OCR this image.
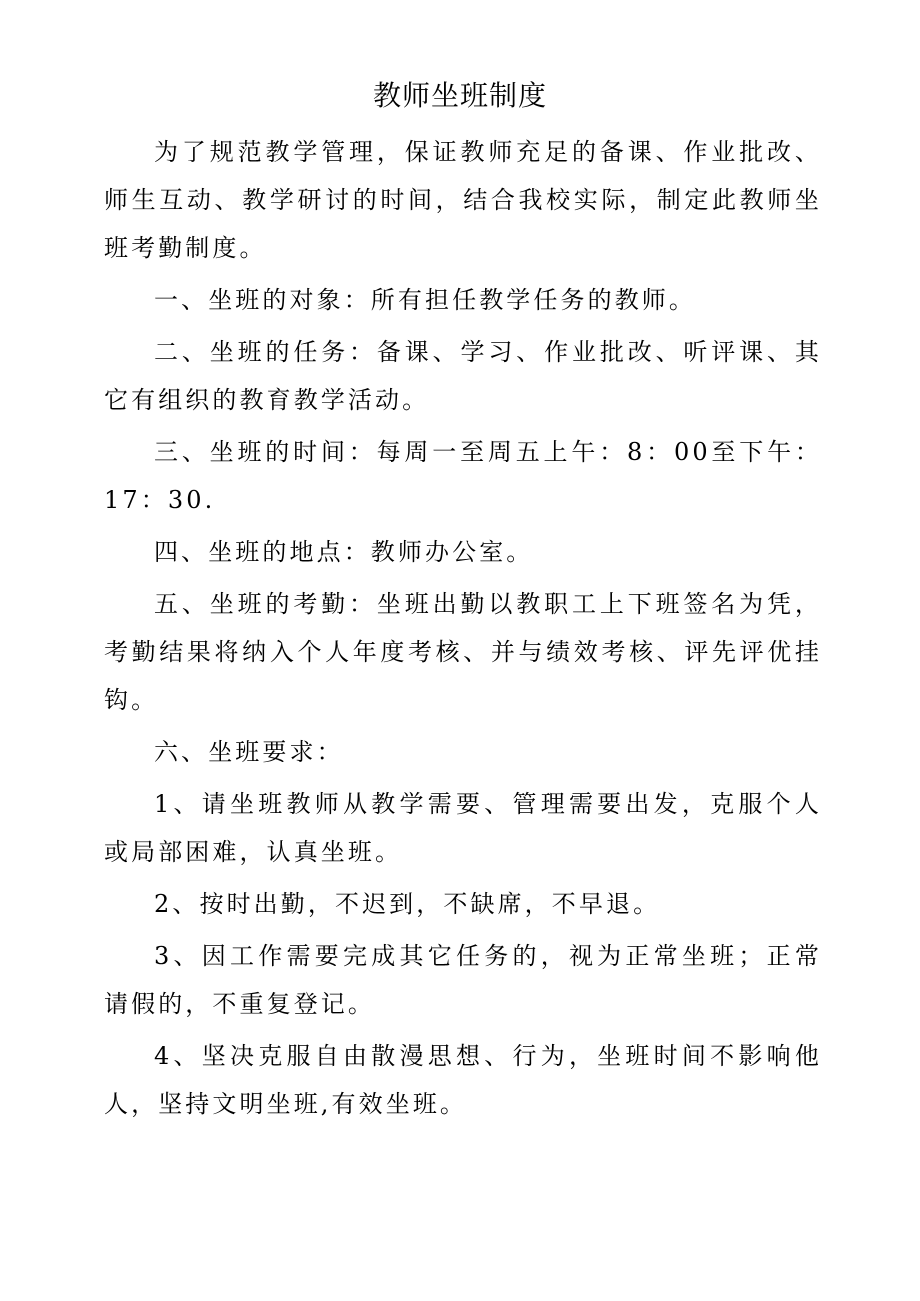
教师坐班制度

为了规范教学管理，保证教师充足的备课、作业批改、师生互动、教学研讨的时间，结合我校实际，制定此教师坐班考勤制度。

一、坐班的对象：所有担任教学任务的教师。

二、坐班的任务：备课、学习、作业批改、听评课、其它有组织的教育教学活动。

三、坐班的时间：每周一至周五上午：8：00至下午：17：30.

四、坐班的地点：教师办公室。

五、坐班的考勤：坐班出勤以教职工上下班签名为凭，考勤结果将纳入个人年度考核、并与绩效考核、评先评优挂钩。

六、坐班要求：

1、请坐班教师从教学需要、管理需要出发，克服个人或局部困难，认真坐班。

2、按时出勤，不迟到，不缺席，不早退。

3、因工作需要完成其它任务的，视为正常坐班；正常请假的，不重复登记。

4、坚决克服自由散漫思想、行为，坐班时间不影响他人，坚持文明坐班,有效坐班。
